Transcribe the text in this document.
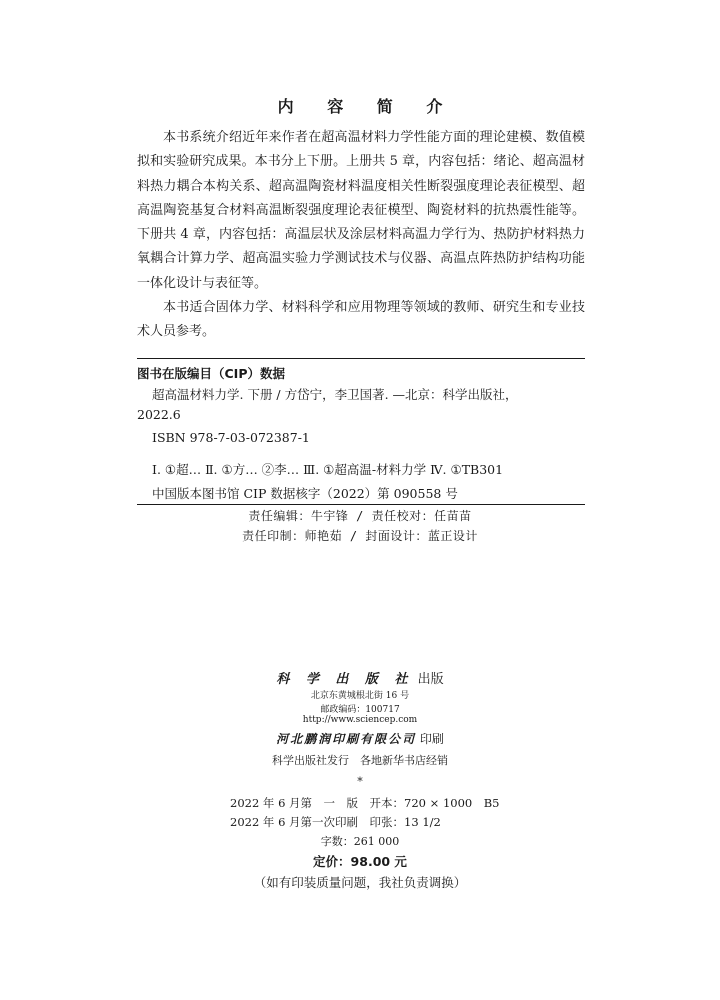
内 容 简 介

本书系统介绍近年来作者在超高温材料力学性能方面的理论建模、数值模拟和实验研究成果。本书分上下册。上册共 5 章，内容包括：绪论、超高温材料热力耦合本构关系、超高温陶瓷材料温度相关性断裂强度理论表征模型、超高温陶瓷基复合材料高温断裂强度理论表征模型、陶瓷材料的抗热震性能等。下册共 4 章，内容包括：高温层状及涂层材料高温力学行为、热防护材料热力氧耦合计算力学、超高温实验力学测试技术与仪器、高温点阵热防护结构功能一体化设计与表征等。

本书适合固体力学、材料科学和应用物理等领域的教师、研究生和专业技术人员参考。

图书在版编目（CIP）数据
超高温材料力学. 下册 / 方岱宁，李卫国著. —北京：科学出版社，
2022.6
ISBN 978-7-03-072387-1
Ⅰ. ①超… Ⅱ. ①方… ②李… Ⅲ. ①超高温-材料力学 Ⅳ. ①TB301
中国版本图书馆 CIP 数据核字（2022）第 090558 号
责任编辑：牛宇锋 / 责任校对：任苗苗
责任印制：师艳茹 / 封面设计：蓝正设计
科 学 出 版 社 出版
北京东黄城根北街 16 号
邮政编码：100717
http://www.sciencep.com
河北鹏润印刷有限公司 印刷
科学出版社发行　各地新华书店经销
*
2022 年 6 月第　一　版　开本：720 × 1000　B5
2022 年 6 月第一次印刷　印张：13 1/2
字数：261 000
定价：98.00 元
（如有印装质量问题，我社负责调换）
